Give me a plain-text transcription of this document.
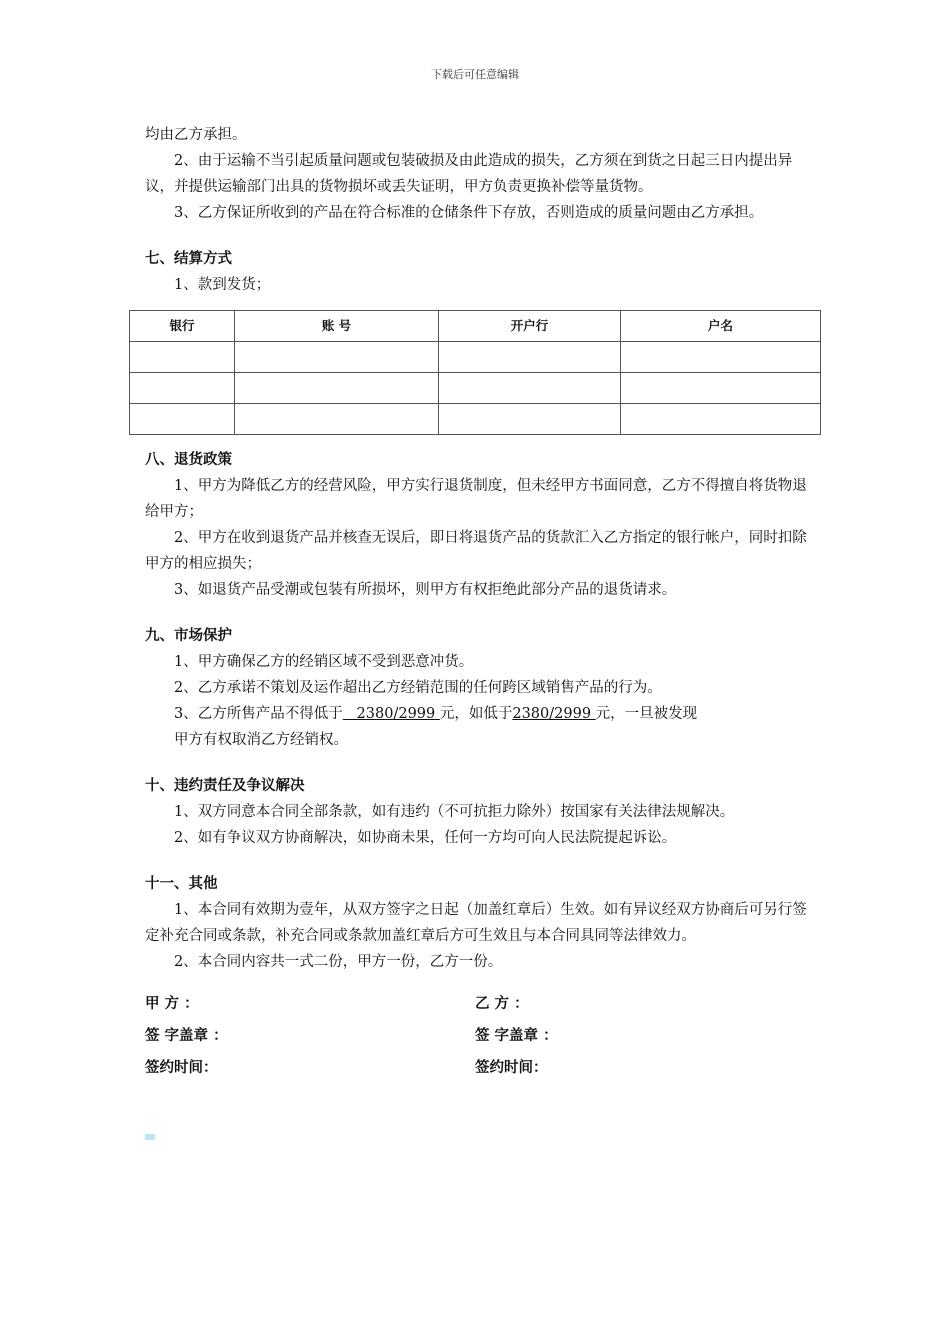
下载后可任意编辑

均由乙方承担。

2、由于运输不当引起质量问题或包装破损及由此造成的损失，乙方须在到货之日起三日内提出异议，并提供运输部门出具的货物损坏或丢失证明，甲方负责更换补偿等量货物。

3、乙方保证所收到的产品在符合标准的仓储条件下存放，否则造成的质量问题由乙方承担。

七、结算方式

1、款到发货；

银行	账 号	开户行	户名

八、退货政策

1、甲方为降低乙方的经营风险，甲方实行退货制度，但未经甲方书面同意，乙方不得擅自将货物退给甲方；

2、甲方在收到退货产品并核查无误后，即日将退货产品的货款汇入乙方指定的银行帐户，同时扣除甲方的相应损失；

3、如退货产品受潮或包装有所损坏，则甲方有权拒绝此部分产品的退货请求。

九、市场保护

1、甲方确保乙方的经销区域不受到恶意冲货。

2、乙方承诺不策划及运作超出乙方经销范围的任何跨区域销售产品的行为。

3、乙方所售产品不得低于   2380/2999 元，如低于2380/2999 元，一旦被发现

甲方有权取消乙方经销权。

十、违约责任及争议解决

1、双方同意本合同全部条款，如有违约（不可抗拒力除外）按国家有关法律法规解决。

2、如有争议双方协商解决，如协商未果，任何一方均可向人民法院提起诉讼。

十一、其他

1、本合同有效期为壹年，从双方签字之日起（加盖红章后）生效。如有异议经双方协商后可另行签定补充合同或条款，补充合同或条款加盖红章后方可生效且与本合同具同等法律效力。

2、本合同内容共一式二份，甲方一份，乙方一份。

甲 方 ：	乙 方 ：
签 字盖章 ：	签 字盖章 ：
签约时间：	签约时间：
